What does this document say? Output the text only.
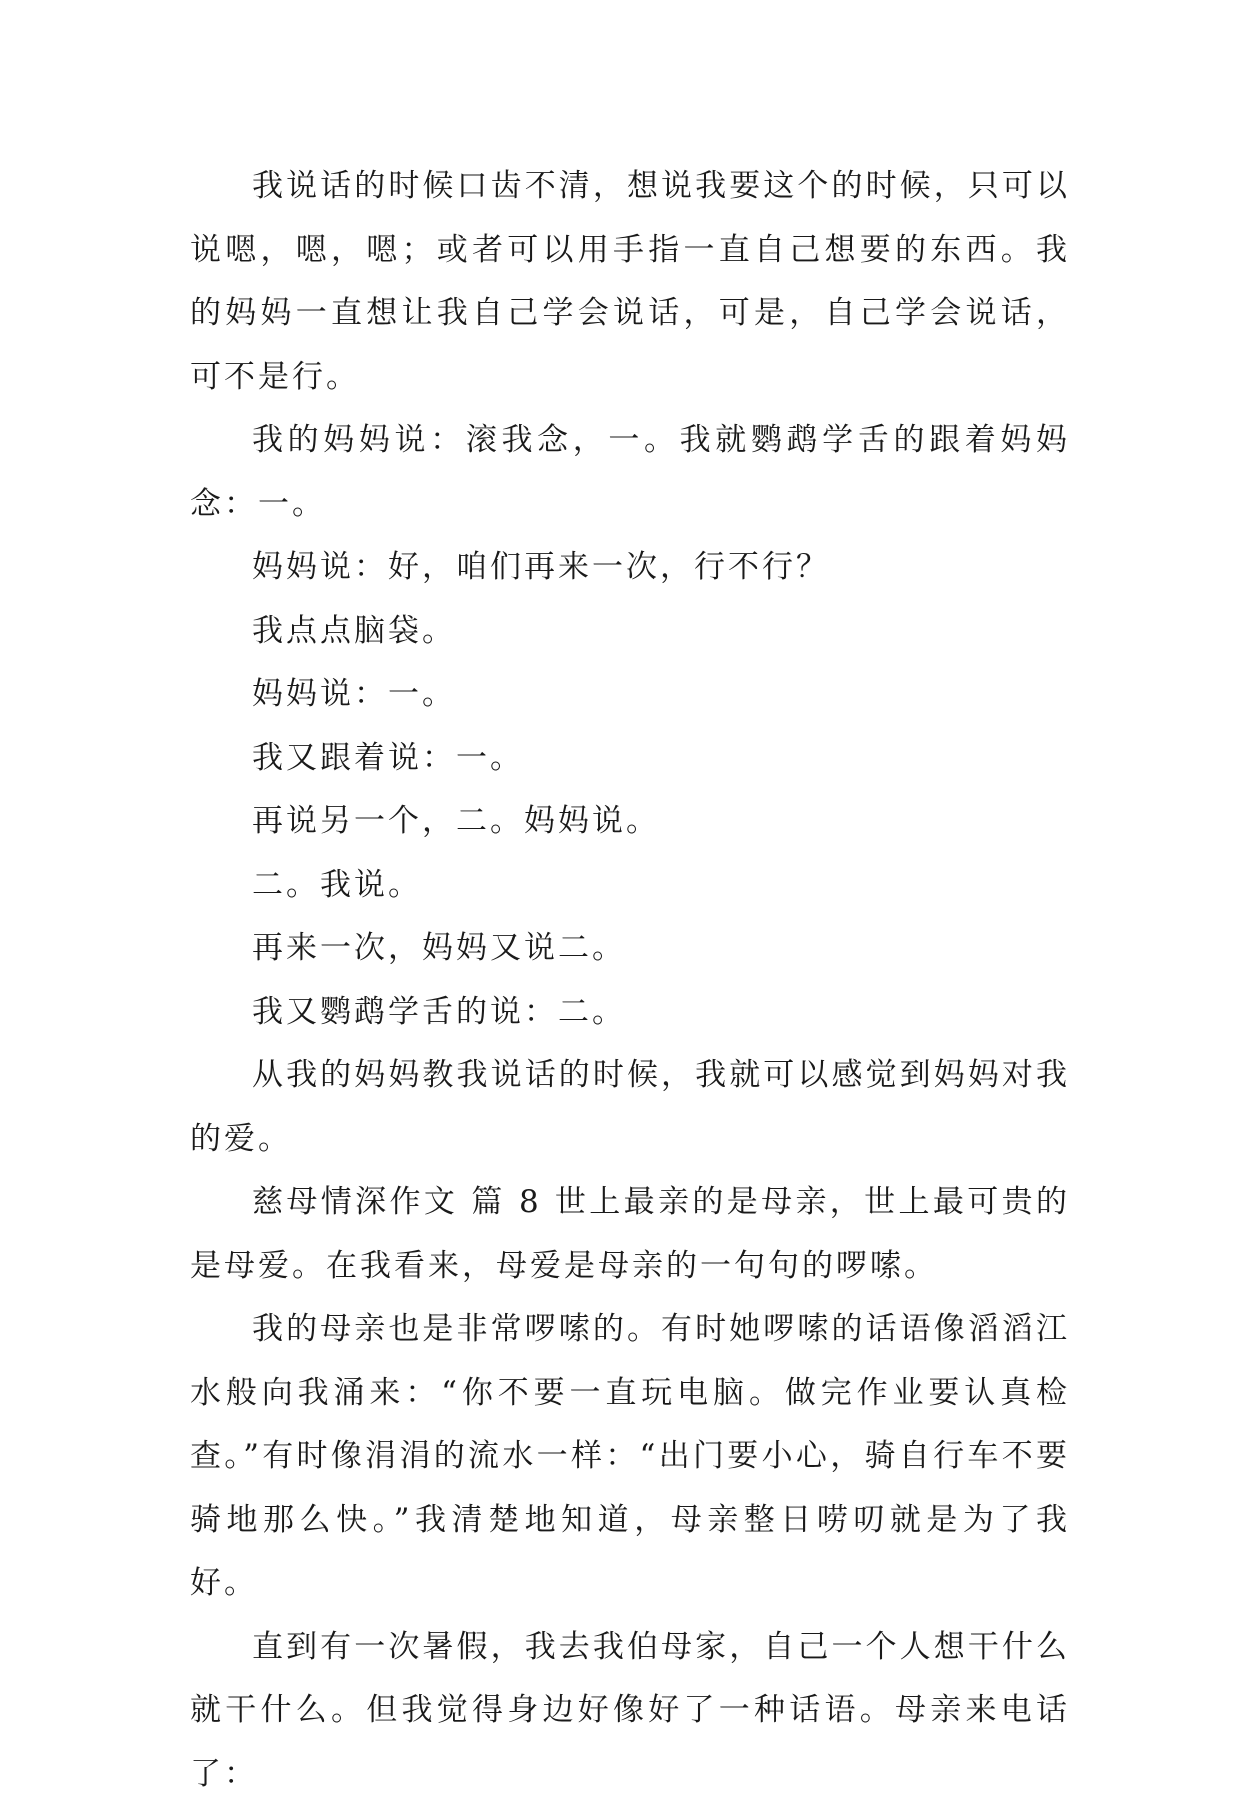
我说话的时候口齿不清，想说我要这个的时候，只可以说嗯，嗯，嗯；或者可以用手指一直自己想要的东西。我的妈妈一直想让我自己学会说话，可是，自己学会说话，可不是行。

我的妈妈说：滚我念，一。我就鹦鹉学舌的跟着妈妈念：一。

妈妈说：好，咱们再来一次，行不行？

我点点脑袋。

妈妈说：一。

我又跟着说：一。

再说另一个，二。妈妈说。

二。我说。

再来一次，妈妈又说二。

我又鹦鹉学舌的说：二。

从我的妈妈教我说话的时候，我就可以感觉到妈妈对我的爱。

慈母情深作文 篇 8 世上最亲的是母亲，世上最可贵的是母爱。在我看来，母爱是母亲的一句句的啰嗦。

我的母亲也是非常啰嗦的。有时她啰嗦的话语像滔滔江水般向我涌来：“你不要一直玩电脑。做完作业要认真检查。”有时像涓涓的流水一样：“出门要小心，骑自行车不要骑地那么快。”我清楚地知道，母亲整日唠叨就是为了我好。

直到有一次暑假，我去我伯母家，自己一个人想干什么就干什么。但我觉得身边好像好了一种话语。母亲来电话了：
